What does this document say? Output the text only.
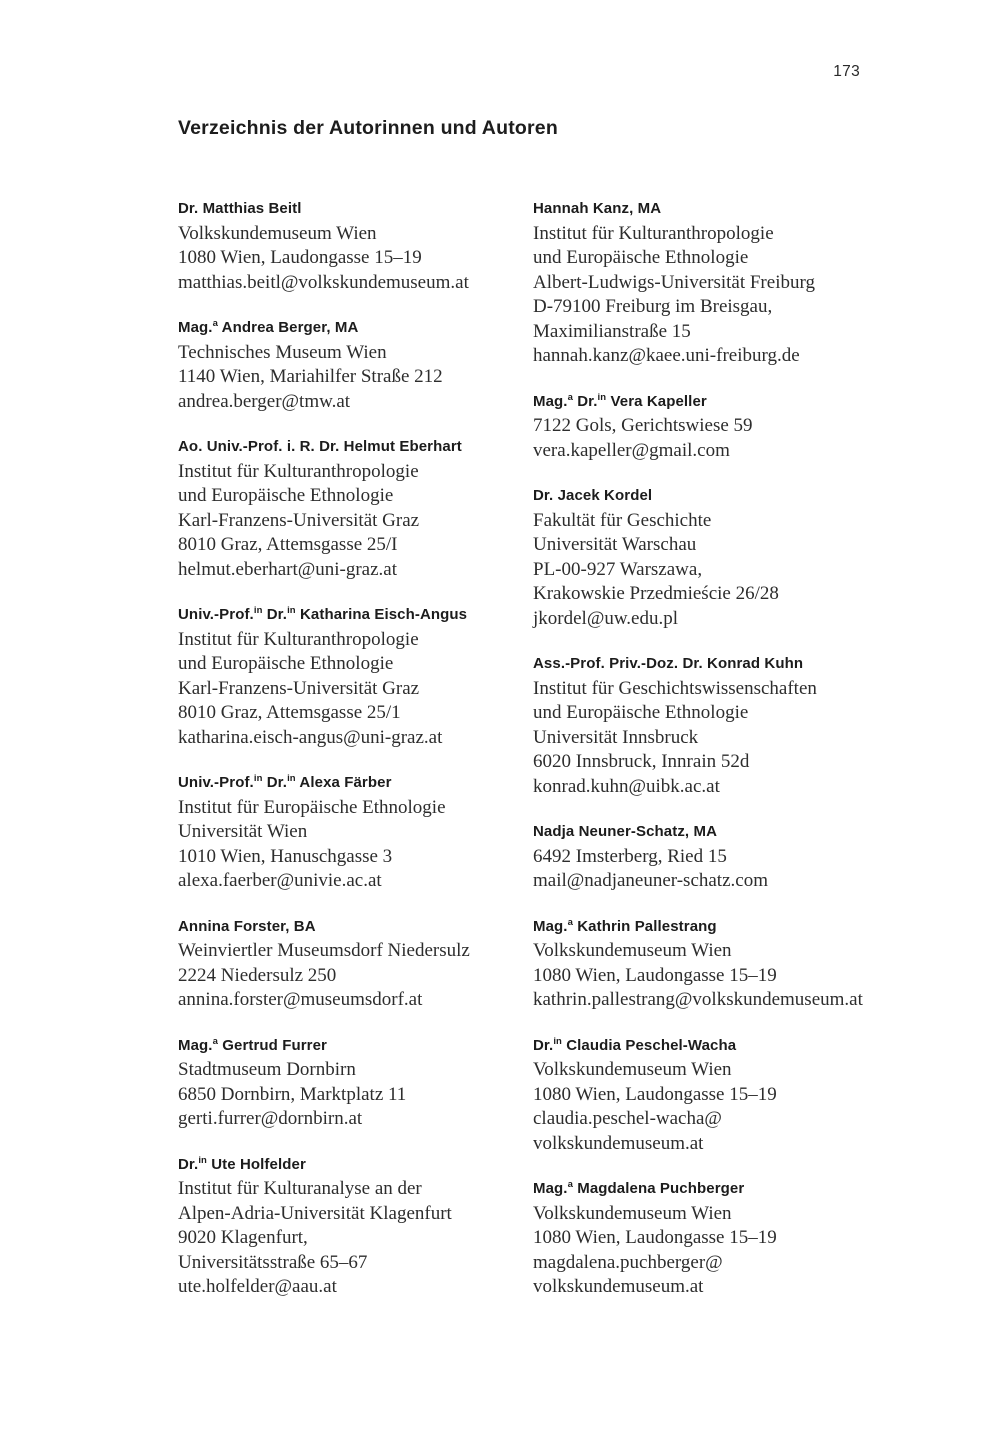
173
Verzeichnis der Autorinnen und Autoren
Dr. Matthias Beitl
Volkskundemuseum Wien
1080 Wien, Laudongasse 15–19
matthias.beitl@volkskundemuseum.at
Mag.$^a$ Andrea Berger, MA
Technisches Museum Wien
1140 Wien, Mariahilfer Straße 212
andrea.berger@tmw.at
Ao. Univ.-Prof. i. R. Dr. Helmut Eberhart
Institut für Kulturanthropologie
und Europäische Ethnologie
Karl-Franzens-Universität Graz
8010 Graz, Attemsgasse 25/I
helmut.eberhart@uni-graz.at
Univ.-Prof.$^{in}$ Dr.$^{in}$ Katharina Eisch-Angus
Institut für Kulturanthropologie
und Europäische Ethnologie
Karl-Franzens-Universität Graz
8010 Graz, Attemsgasse 25/1
katharina.eisch-angus@uni-graz.at
Univ.-Prof.$^{in}$ Dr.$^{in}$ Alexa Färber
Institut für Europäische Ethnologie
Universität Wien
1010 Wien, Hanuschgasse 3
alexa.faerber@univie.ac.at
Annina Forster, BA
Weinviertler Museumsdorf Niedersulz
2224 Niedersulz 250
annina.forster@museumsdorf.at
Mag.$^a$ Gertrud Furrer
Stadtmuseum Dornbirn
6850 Dornbirn, Marktplatz 11
gerti.furrer@dornbirn.at
Dr.$^{in}$ Ute Holfelder
Institut für Kulturanalyse an der
Alpen-Adria-Universität Klagenfurt
9020 Klagenfurt,
Universitätsstraße 65–67
ute.holfelder@aau.at
Hannah Kanz, MA
Institut für Kulturanthropologie
und Europäische Ethnologie
Albert-Ludwigs-Universität Freiburg
D-79100 Freiburg im Breisgau,
Maximilianstraße 15
hannah.kanz@kaee.uni-freiburg.de
Mag.$^a$ Dr.$^{in}$ Vera Kapeller
7122 Gols, Gerichtswiese 59
vera.kapeller@gmail.com
Dr. Jacek Kordel
Fakultät für Geschichte
Universität Warschau
PL-00-927 Warszawa,
Krakowskie Przedmieście 26/28
jkordel@uw.edu.pl
Ass.-Prof. Priv.-Doz. Dr. Konrad Kuhn
Institut für Geschichtswissenschaften
und Europäische Ethnologie
Universität Innsbruck
6020 Innsbruck, Innrain 52d
konrad.kuhn@uibk.ac.at
Nadja Neuner-Schatz, MA
6492 Imsterberg, Ried 15
mail@nadjaneuner-schatz.com
Mag.$^a$ Kathrin Pallestrang
Volkskundemuseum Wien
1080 Wien, Laudongasse 15–19
kathrin.pallestrang@volkskundemuseum.at
Dr.$^{in}$ Claudia Peschel-Wacha
Volkskundemuseum Wien
1080 Wien, Laudongasse 15–19
claudia.peschel-wacha@
volkskundemuseum.at
Mag.$^a$ Magdalena Puchberger
Volkskundemuseum Wien
1080 Wien, Laudongasse 15–19
magdalena.puchberger@
volkskundemuseum.at
